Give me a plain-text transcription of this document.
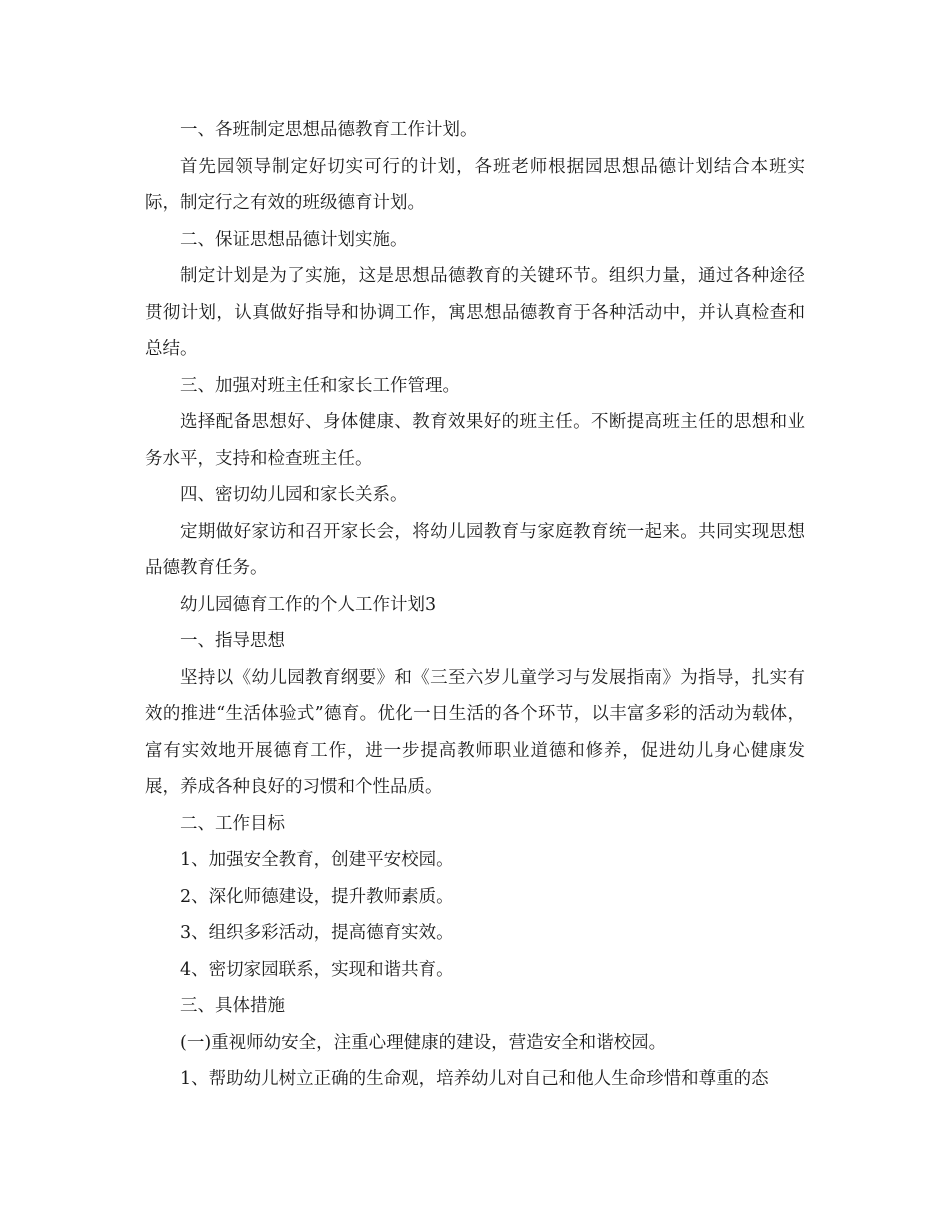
一、各班制定思想品德教育工作计划。

首先园领导制定好切实可行的计划，各班老师根据园思想品德计划结合本班实际，制定行之有效的班级德育计划。

二、保证思想品德计划实施。

制定计划是为了实施，这是思想品德教育的关键环节。组织力量，通过各种途径贯彻计划，认真做好指导和协调工作，寓思想品德教育于各种活动中，并认真检查和总结。

三、加强对班主任和家长工作管理。

选择配备思想好、身体健康、教育效果好的班主任。不断提高班主任的思想和业务水平，支持和检查班主任。

四、密切幼儿园和家长关系。

定期做好家访和召开家长会，将幼儿园教育与家庭教育统一起来。共同实现思想品德教育任务。

幼儿园德育工作的个人工作计划3

一、指导思想

坚持以《幼儿园教育纲要》和《三至六岁儿童学习与发展指南》为指导，扎实有效的推进“生活体验式”德育。优化一日生活的各个环节，以丰富多彩的活动为载体，富有实效地开展德育工作，进一步提高教师职业道德和修养，促进幼儿身心健康发展，养成各种良好的习惯和个性品质。

二、工作目标

1、加强安全教育，创建平安校园。

2、深化师德建设，提升教师素质。

3、组织多彩活动，提高德育实效。

4、密切家园联系，实现和谐共育。

三、具体措施

(一)重视师幼安全，注重心理健康的建设，营造安全和谐校园。

1、帮助幼儿树立正确的生命观，培养幼儿对自己和他人生命珍惜和尊重的态
